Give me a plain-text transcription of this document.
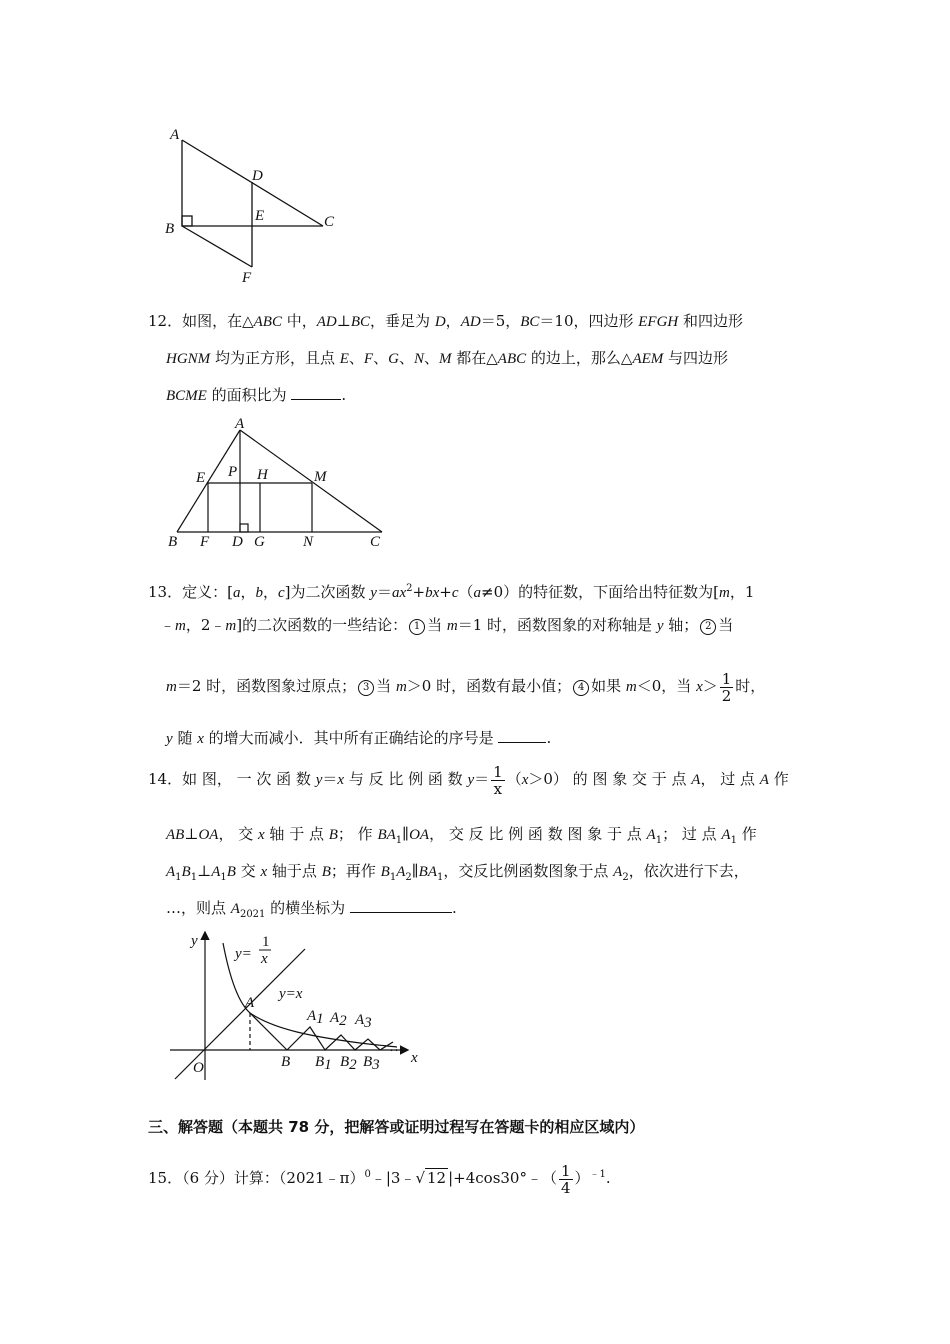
A
B	C
D
E
F
12．如图，在△ABC 中，AD⊥BC，垂足为 D，AD＝5，BC＝10，四边形 EFGH 和四边形
HGNM 均为正方形，且点 E、F、G、N、M 都在△ABC 的边上，那么△AEM 与四边形
BCME 的面积比为	.
A
E P H	M
B F D G	N	C
13．定义：[a，b，c]为二次函数 $y=ax^2+bx+c(a\ne 0)$的特征数，下面给出特征数为[m，1
﹣m，2﹣m]的二次函数的一些结论： 1 当 m＝1 时，函数图象的对称轴是 y 轴； 2 当
m＝2 时，函数图象过原点； 3 当 m＞0 时，函数有最小值； 4 如果 m＜0，当 $x> \frac{1}{2}$ 时，
y 随 x 的增大而减小．其中所有正确结论的序号是	.
14．如 图， 一 次 函 数 y＝x 与 反 比 例 函 数 $y= \frac{1}{x} (x>0)$ 的 图 象 交 于 点 A， 过 点 A 作
AB⊥OA， 交 x 轴 于 点 B； 作 $BA_1\parallel OA$， 交 反 比 例 函 数 图 象 于 点 $A_1$； 过 点 $A_1$ 作
$A_1B_1\perp A_1B$ 交 x 轴于点 B；再作 $B_1A_2\parallel BA_1$，交反比例函数图象于点 $A_2$，依次进行下去，
…，则点 $A_{2021}$ 的横坐标为	.
y
x
O
y=
1
x
y=x
A
A1 A2 A3
B B1 B2 B3
…
三、解答题（本题共 78 分，把解答或证明过程写在答题卡的相应区域内）
15．（6 分）计算：（2021﹣π）$^0$﹣|3﹣√ 12 |+4cos30°﹣（ $\frac{1}{4} )^{﹣1}$.
